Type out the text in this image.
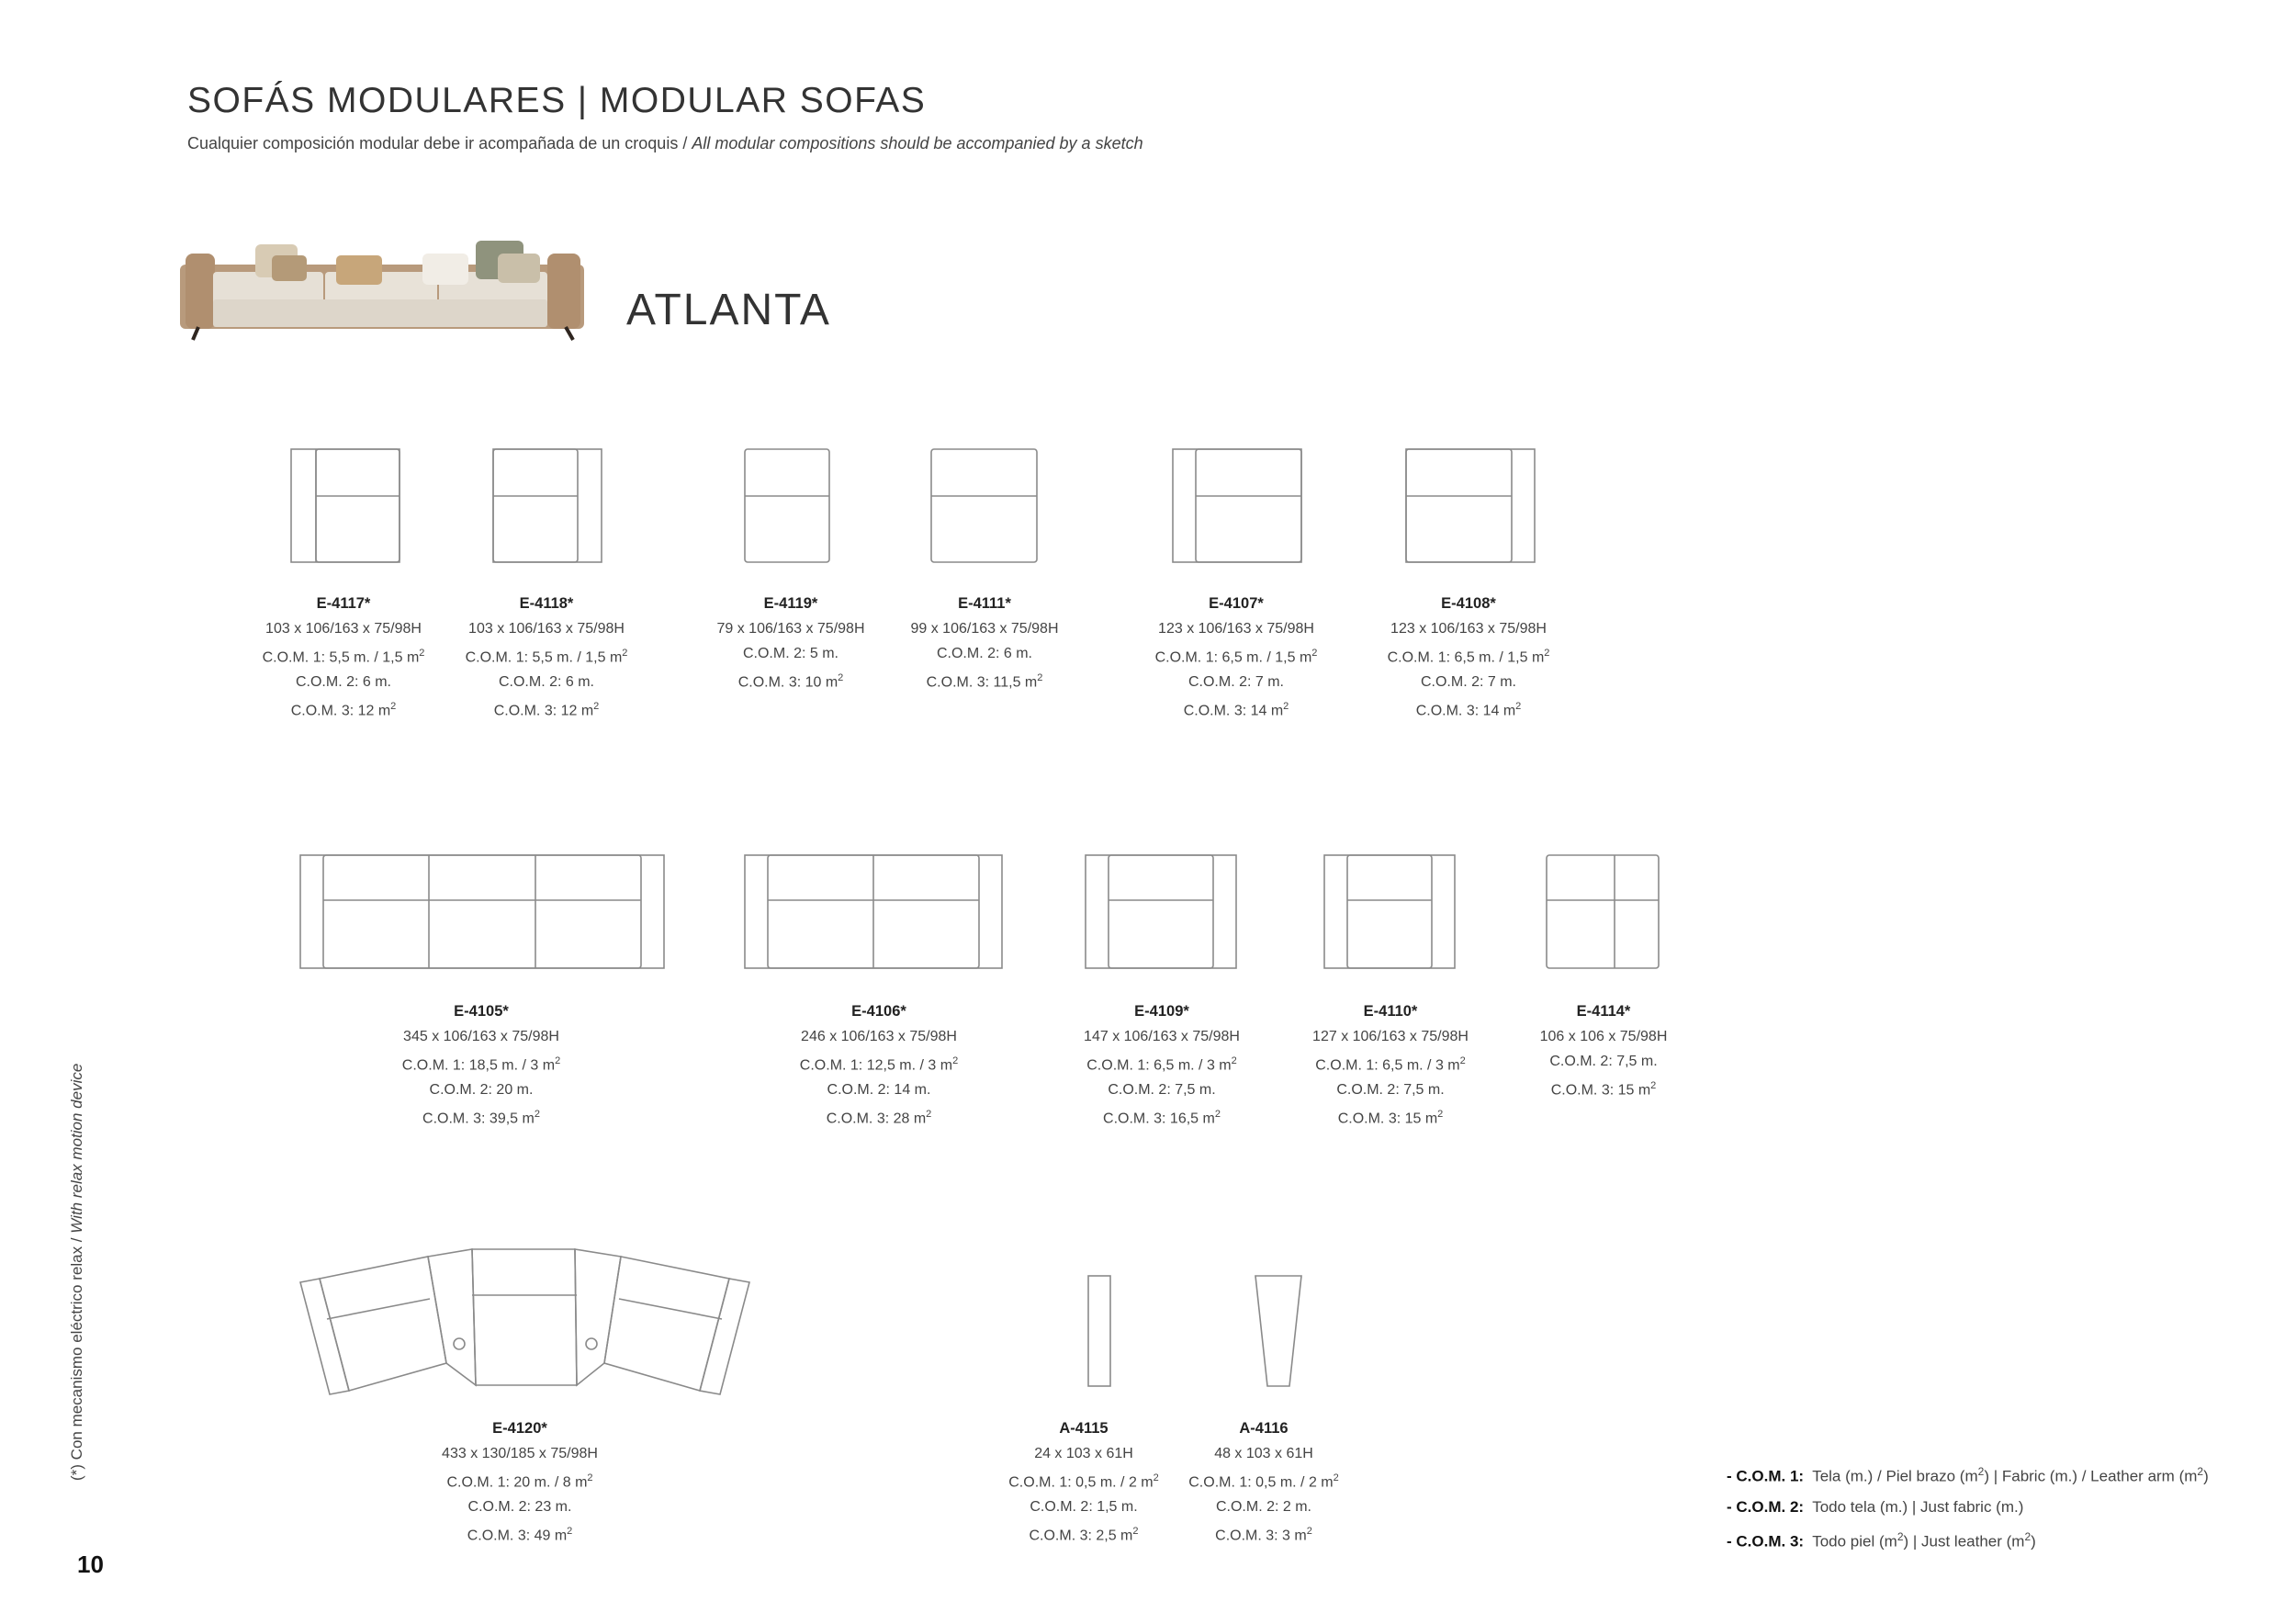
SOFÁS MODULARES | MODULAR SOFAS
Cualquier composición modular debe ir acompañada de un croquis / All modular compositions should be accompanied by a sketch
ATLANTA
E-4117*
103 x 106/163 x 75/98H
C.O.M. 1: 5,5 m. / 1,5 $m^2$
C.O.M. 2: 6 m.
C.O.M. 3: 12 $m^2$
E-4118*
103 x 106/163 x 75/98H
C.O.M. 1: 5,5 m. / 1,5 $m^2$
C.O.M. 2: 6 m.
C.O.M. 3: 12 $m^2$
E-4119*
79 x 106/163 x 75/98H
C.O.M. 2: 5 m.
C.O.M. 3: 10 $m^2$
E-4111*
99 x 106/163 x 75/98H
C.O.M. 2: 6 m.
C.O.M. 3: 11,5 $m^2$
E-4107*
123 x 106/163 x 75/98H
C.O.M. 1: 6,5 m. / 1,5 $m^2$
C.O.M. 2: 7 m.
C.O.M. 3: 14 $m^2$
E-4108*
123 x 106/163 x 75/98H
C.O.M. 1: 6,5 m. / 1,5 $m^2$
C.O.M. 2: 7 m.
C.O.M. 3: 14 $m^2$
E-4105*
345 x 106/163 x 75/98H
C.O.M. 1: 18,5 m. / 3 $m^2$
C.O.M. 2: 20 m.
C.O.M. 3: 39,5 $m^2$
E-4106*
246 x 106/163 x 75/98H
C.O.M. 1: 12,5 m. / 3 $m^2$
C.O.M. 2: 14 m.
C.O.M. 3: 28 $m^2$
E-4109*
147 x 106/163 x 75/98H
C.O.M. 1: 6,5 m. / 3 $m^2$
C.O.M. 2: 7,5 m.
C.O.M. 3: 16,5 $m^2$
E-4110*
127 x 106/163 x 75/98H
C.O.M. 1: 6,5 m. / 3 $m^2$
C.O.M. 2: 7,5 m.
C.O.M. 3: 15 $m^2$
E-4114*
106 x 106 x 75/98H
C.O.M. 2: 7,5 m.
C.O.M. 3: 15 $m^2$
E-4120*
433 x 130/185 x 75/98H
C.O.M. 1: 20 m. / 8 $m^2$
C.O.M. 2: 23 m.
C.O.M. 3: 49 $m^2$
A-4115
24 x 103 x 61H
C.O.M. 1: 0,5 m. / 2 $m^2$
C.O.M. 2: 1,5 m.
C.O.M. 3: 2,5 $m^2$
A-4116
48 x 103 x 61H
C.O.M. 1: 0,5 m. / 2 $m^2$
C.O.M. 2: 2 m.
C.O.M. 3: 3 $m^2$
(*) Con mecanismo eléctrico relax / With relax motion device
10
- C.O.M. 1: Tela (m.) / Piel brazo $(m^2)$ | Fabric (m.) / Leather arm $(m^2)$
- C.O.M. 2: Todo tela (m.) | Just fabric (m.)
- C.O.M. 3: Todo piel $(m^2)$ | Just leather $(m^2)$
